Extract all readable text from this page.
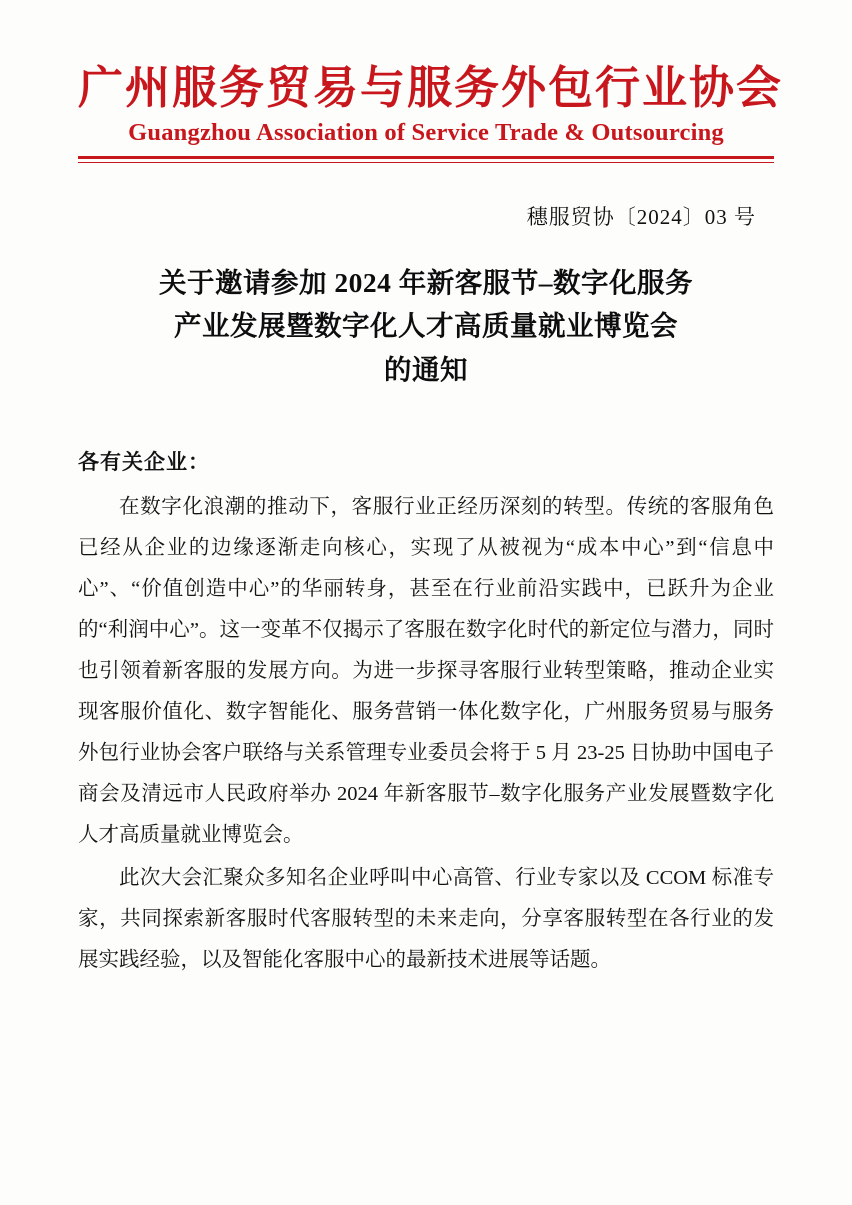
广州服务贸易与服务外包行业协会
Guangzhou Association of Service Trade & Outsourcing
穗服贸协〔2024〕03 号
关于邀请参加 2024 年新客服节–数字化服务
产业发展暨数字化人才高质量就业博览会
的通知
各有关企业：

在数字化浪潮的推动下，客服行业正经历深刻的转型。传统的客服角色已经从企业的边缘逐渐走向核心，实现了从被视为“成本中心”到“信息中心”、“价值创造中心”的华丽转身，甚至在行业前沿实践中，已跃升为企业的“利润中心”。这一变革不仅揭示了客服在数字化时代的新定位与潜力，同时也引领着新客服的发展方向。为进一步探寻客服行业转型策略，推动企业实现客服价值化、数字智能化、服务营销一体化数字化，广州服务贸易与服务外包行业协会客户联络与关系管理专业委员会将于 5 月 23-25 日协助中国电子商会及清远市人民政府举办 2024 年新客服节–数字化服务产业发展暨数字化人才高质量就业博览会。

此次大会汇聚众多知名企业呼叫中心高管、行业专家以及 CCOM 标准专家，共同探索新客服时代客服转型的未来走向，分享客服转型在各行业的发展实践经验，以及智能化客服中心的最新技术进展等话题。
